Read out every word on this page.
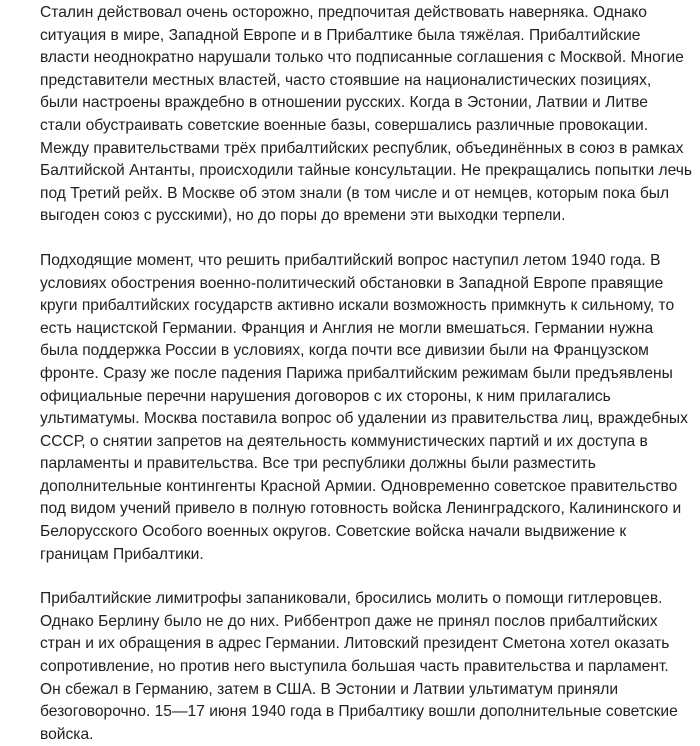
Сталин действовал очень осторожно, предпочитая действовать наверняка. Однако ситуация в мире, Западной Европе и в Прибалтике была тяжёлая. Прибалтийские власти неоднократно нарушали только что подписанные соглашения с Москвой. Многие представители местных властей, часто стоявшие на националистических позициях, были настроены враждебно в отношении русских. Когда в Эстонии, Латвии и Литве стали обустраивать советские военные базы, совершались различные провокации. Между правительствами трёх прибалтийских республик, объединённых в союз в рамках Балтийской Антанты, происходили тайные консультации. Не прекращались попытки лечь под Третий рейх. В Москве об этом знали (в том числе и от немцев, которым пока был выгоден союз с русскими), но до поры до времени эти выходки терпели.

Подходящие момент, что решить прибалтийский вопрос наступил летом 1940 года. В условиях обострения военно-политический обстановки в Западной Европе правящие круги прибалтийских государств активно искали возможность примкнуть к сильному, то есть нацистской Германии. Франция и Англия не могли вмешаться. Германии нужна была поддержка России в условиях, когда почти все дивизии были на Французском фронте. Сразу же после падения Парижа прибалтийским режимам были предъявлены официальные перечни нарушения договоров с их стороны, к ним прилагались ультиматумы. Москва поставила вопрос об удалении из правительства лиц, враждебных СССР, о снятии запретов на деятельность коммунистических партий и их доступа в парламенты и правительства. Все три республики должны были разместить дополнительные контингенты Красной Армии. Одновременно советское правительство под видом учений привело в полную готовность войска Ленинградского, Калининского и Белорусского Особого военных округов. Советские войска начали выдвижение к границам Прибалтики.

Прибалтийские лимитрофы запаниковали, бросились молить о помощи гитлеровцев. Однако Берлину было не до них. Риббентроп даже не принял послов прибалтийских стран и их обращения в адрес Германии. Литовский президент Сметона хотел оказать сопротивление, но против него выступила большая часть правительства и парламент. Он сбежал в Германию, затем в США. В Эстонии и Латвии ультиматум приняли безоговорочно. 15—17 июня 1940 года в Прибалтику вошли дополнительные советские войска.
